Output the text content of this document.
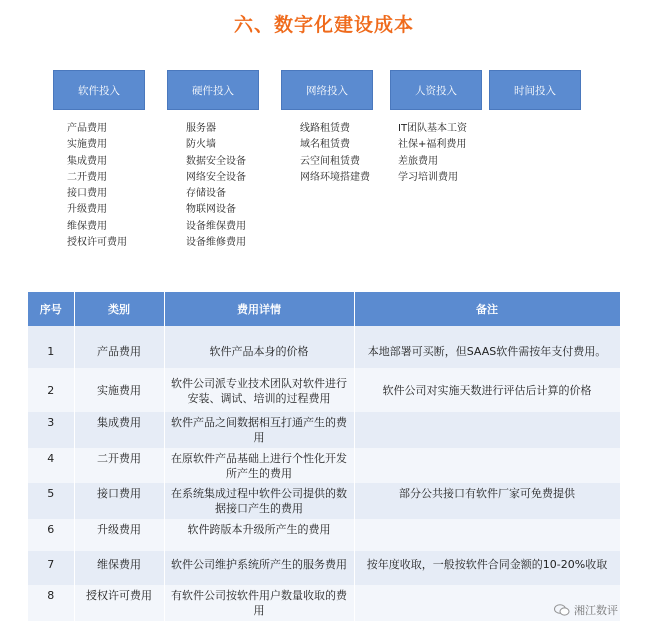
六、数字化建设成本
软件投入	硬件投入	网络投入	人资投入	时间投入
产品费用
实施费用
集成费用
二开费用
接口费用
升级费用
维保费用
授权许可费用
服务器
防火墙
数据安全设备
网络安全设备
存储设备
物联网设备
设备维保费用
设备维修费用
线路租赁费
域名租赁费
云空间租赁费
网络环境搭建费
IT团队基本工资
社保+福利费用
差旅费用
学习培训费用
序号	类别	费用详情	备注

1	产品费用	软件产品本身的价格	本地部署可买断，但SAAS软件需按年支付费用。
2	实施费用	软件公司派专业技术团队对软件进行安装、调试、培训的过程费用	软件公司对实施天数进行评估后计算的价格
3	集成费用	软件产品之间数据相互打通产生的费用	
4	二开费用	在原软件产品基础上进行个性化开发所产生的费用	
5	接口费用	在系统集成过程中软件公司提供的数据接口产生的费用	部分公共接口有软件厂家可免费提供
6	升级费用	软件跨版本升级所产生的费用	
7	维保费用	软件公司维护系统所产生的服务费用	按年度收取，一般按软件合同金额的10-20%收取
8	授权许可费用	有软件公司按软件用户数量收取的费用		湘江数评
